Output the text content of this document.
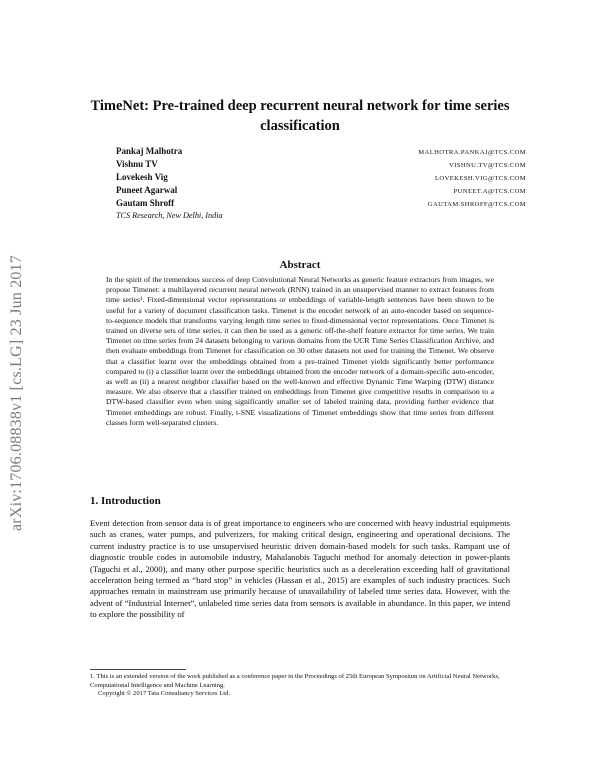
arXiv:1706.08838v1 [cs.LG] 23 Jun 2017
TimeNet: Pre-trained deep recurrent neural network for time series classification
Pankaj Malhotra	MALHOTRA.PANKAJ@TCS.COM
Vishnu TV	VISHNU.TV@TCS.COM
Lovekesh Vig	LOVEKESH.VIG@TCS.COM
Puneet Agarwal	PUNEET.A@TCS.COM
Gautam Shroff	GAUTAM.SHROFF@TCS.COM
TCS Research, New Delhi, India
Abstract
In the spirit of the tremendous success of deep Convolutional Neural Networks as generic feature extractors from images, we propose Timenet: a multilayered recurrent neural network (RNN) trained in an unsupervised manner to extract features from time series¹. Fixed-dimensional vector representations or embeddings of variable-length sentences have been shown to be useful for a variety of document classification tasks. Timenet is the encoder network of an auto-encoder based on sequence-to-sequence models that transforms varying length time series to fixed-dimensional vector representations. Once Timenet is trained on diverse sets of time series, it can then be used as a generic off-the-shelf feature extractor for time series. We train Timenet on time series from 24 datasets belonging to various domains from the UCR Time Series Classification Archive, and then evaluate embeddings from Timenet for classification on 30 other datasets not used for training the Timenet. We observe that a classifier learnt over the embeddings obtained from a pre-trained Timenet yields significantly better performance compared to (i) a classifier learnt over the embeddings obtained from the encoder network of a domain-specific auto-encoder, as well as (ii) a nearest neighbor classifier based on the well-known and effective Dynamic Time Warping (DTW) distance measure. We also observe that a classifier trained on embeddings from Timenet give competitive results in comparison to a DTW-based classifier even when using significantly smaller set of labeled training data, providing further evidence that Timenet embeddings are robust. Finally, t-SNE visualizations of Timenet embeddings show that time series from different classes form well-separated clusters.
1. Introduction
Event detection from sensor data is of great importance to engineers who are concerned with heavy industrial equipments such as cranes, water pumps, and pulverizers, for making critical design, engineering and operational decisions. The current industry practice is to use unsupervised heuristic driven domain-based models for such tasks. Rampant use of diagnostic trouble codes in automobile industry, Mahalanobis Taguchi method for anomaly detection in power-plants (Taguchi et al., 2000), and many other purpose specific heuristics such as a deceleration exceeding half of gravitational acceleration being termed as “hard stop” in vehicles (Hassan et al., 2015) are examples of such industry practices. Such approaches remain in mainstream use primarily because of unavailability of labeled time series data. However, with the advent of “Industrial Internet”, unlabeled time series data from sensors is available in abundance. In this paper, we intend to explore the possibility of
1. This is an extended version of the work published as a conference paper in the Proceedings of 25th European Symposium on Artificial Neural Networks, Computational Intelligence and Machine Learning.
Copyright © 2017 Tata Consultancy Services Ltd.
